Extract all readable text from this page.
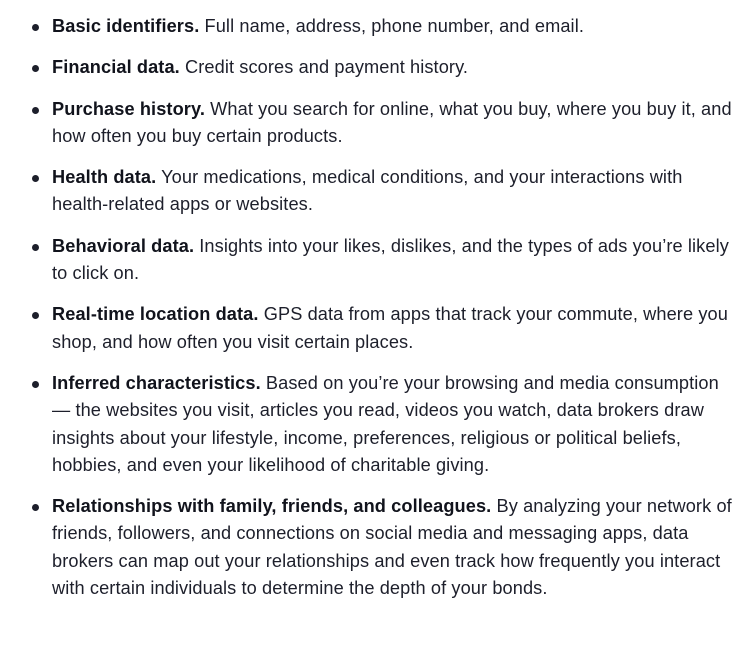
Basic identifiers. Full name, address, phone number, and email.
Financial data. Credit scores and payment history.
Purchase history. What you search for online, what you buy, where you buy it, and how often you buy certain products.
Health data. Your medications, medical conditions, and your interactions with health-related apps or websites.
Behavioral data. Insights into your likes, dislikes, and the types of ads you’re likely to click on.
Real-time location data. GPS data from apps that track your commute, where you shop, and how often you visit certain places.
Inferred characteristics. Based on you’re your browsing and media consumption — the websites you visit, articles you read, videos you watch, data brokers draw insights about your lifestyle, income, preferences, religious or political beliefs, hobbies, and even your likelihood of charitable giving.
Relationships with family, friends, and colleagues. By analyzing your network of friends, followers, and connections on social media and messaging apps, data brokers can map out your relationships and even track how frequently you interact with certain individuals to determine the depth of your bonds.
